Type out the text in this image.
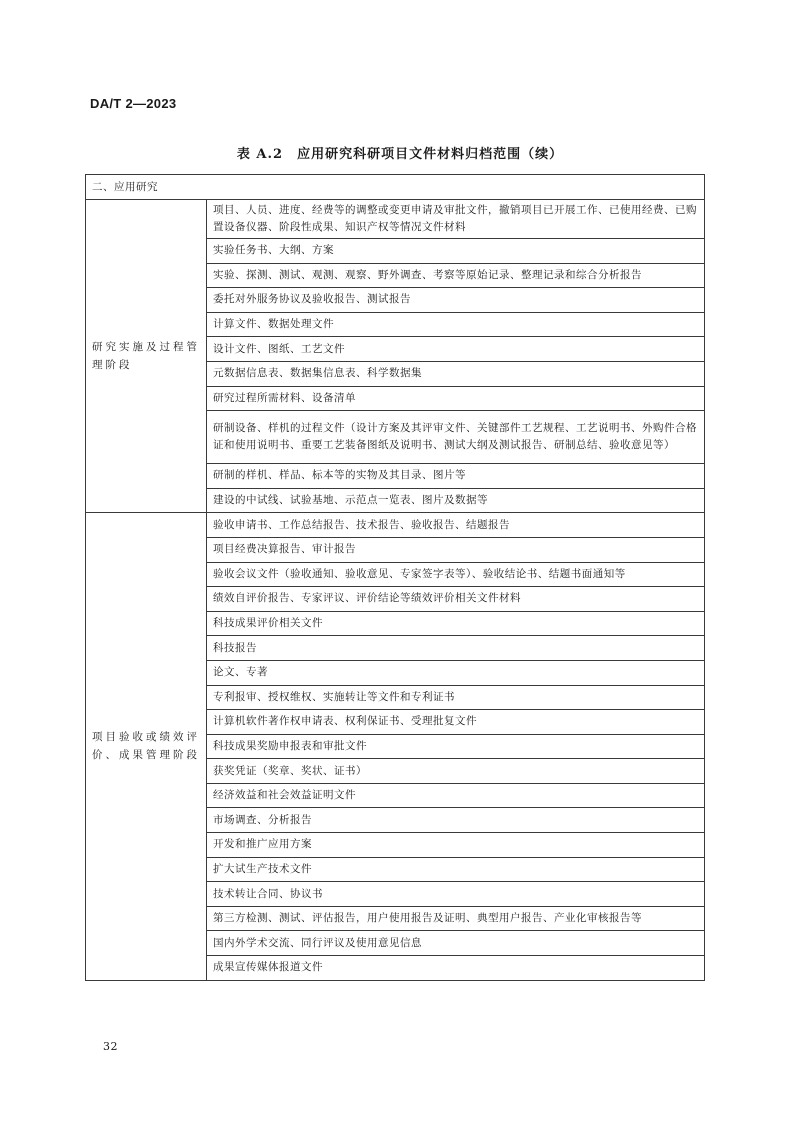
DA/T 2—2023
表 A.2　应用研究科研项目文件材料归档范围（续）
二、应用研究	
研究实施及过程管理阶段	项目、人员、进度、经费等的调整或变更申请及审批文件，撤销项目已开展工作、已使用经费、已购置设备仪器、阶段性成果、知识产权等情况文件材料
	实验任务书、大纲、方案
	实验、探测、测试、观测、观察、野外调查、考察等原始记录、整理记录和综合分析报告
	委托对外服务协议及验收报告、测试报告
	计算文件、数据处理文件
	设计文件、图纸、工艺文件
	元数据信息表、数据集信息表、科学数据集
	研究过程所需材料、设备清单
	研制设备、样机的过程文件（设计方案及其评审文件、关键部件工艺规程、工艺说明书、外购件合格证和使用说明书、重要工艺装备图纸及说明书、测试大纲及测试报告、研制总结、验收意见等）
	研制的样机、样品、标本等的实物及其目录、图片等
	建设的中试线、试验基地、示范点一览表、图片及数据等
项目验收或绩效评价、成果管理阶段	验收申请书、工作总结报告、技术报告、验收报告、结题报告
	项目经费决算报告、审计报告
	验收会议文件（验收通知、验收意见、专家签字表等）、验收结论书、结题书面通知等
	绩效自评价报告、专家评议、评价结论等绩效评价相关文件材料
	科技成果评价相关文件
	科技报告
	论文、专著
	专利报审、授权维权、实施转让等文件和专利证书
	计算机软件著作权申请表、权利保证书、受理批复文件
	科技成果奖励申报表和审批文件
	获奖凭证（奖章、奖状、证书）
	经济效益和社会效益证明文件
	市场调查、分析报告
	开发和推广应用方案
	扩大试生产技术文件
	技术转让合同、协议书
	第三方检测、测试、评估报告，用户使用报告及证明、典型用户报告、产业化审核报告等
	国内外学术交流、同行评议及使用意见信息
	成果宣传媒体报道文件
32
